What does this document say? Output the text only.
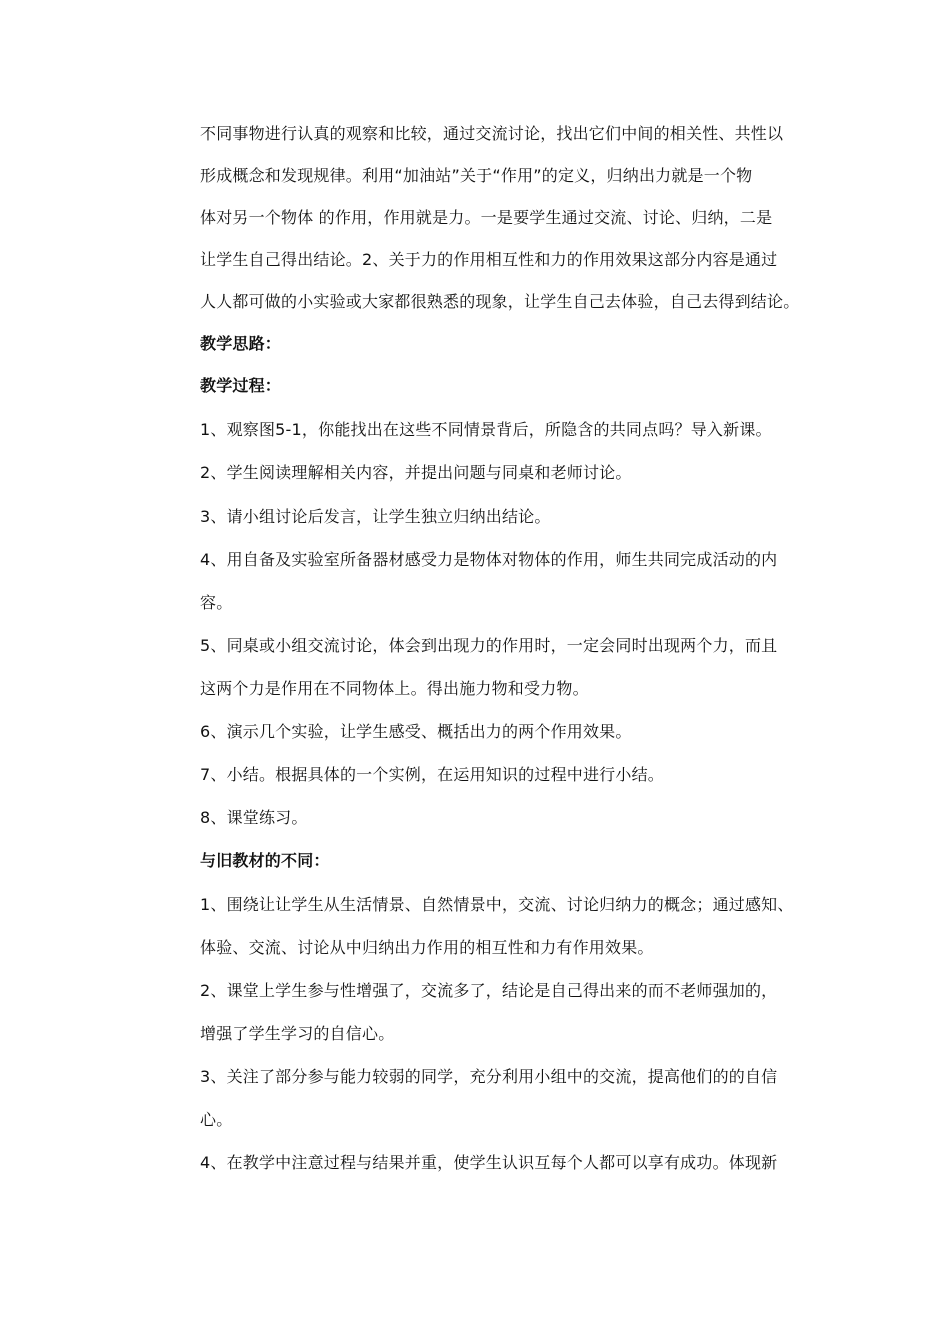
不同事物进行认真的观察和比较，通过交流讨论，找出它们中间的相关性、共性以
形成概念和发现规律。利用“加油站”关于“作用”的定义，归纳出力就是一个物
体对另一个物体 的作用，作用就是力。一是要学生通过交流、讨论、归纳，二是
让学生自己得出结论。2、关于力的作用相互性和力的作用效果这部分内容是通过
人人都可做的小实验或大家都很熟悉的现象，让学生自己去体验，自己去得到结论。
教学思路：
教学过程：
1、观察图5-1，你能找出在这些不同情景背后，所隐含的共同点吗？导入新课。
2、学生阅读理解相关内容，并提出问题与同桌和老师讨论。
3、请小组讨论后发言，让学生独立归纳出结论。
4、用自备及实验室所备器材感受力是物体对物体的作用，师生共同完成活动的内
容。
5、同桌或小组交流讨论，体会到出现力的作用时，一定会同时出现两个力，而且
这两个力是作用在不同物体上。得出施力物和受力物。
6、演示几个实验，让学生感受、概括出力的两个作用效果。
7、小结。根据具体的一个实例，在运用知识的过程中进行小结。
8、课堂练习。
与旧教材的不同：
1、围绕让让学生从生活情景、自然情景中，交流、讨论归纳力的概念；通过感知、
体验、交流、讨论从中归纳出力作用的相互性和力有作用效果。
2、课堂上学生参与性增强了，交流多了，结论是自己得出来的而不老师强加的，
增强了学生学习的自信心。
3、关注了部分参与能力较弱的同学，充分利用小组中的交流，提高他们的的自信
心。
4、在教学中注意过程与结果并重，使学生认识互每个人都可以享有成功。体现新
